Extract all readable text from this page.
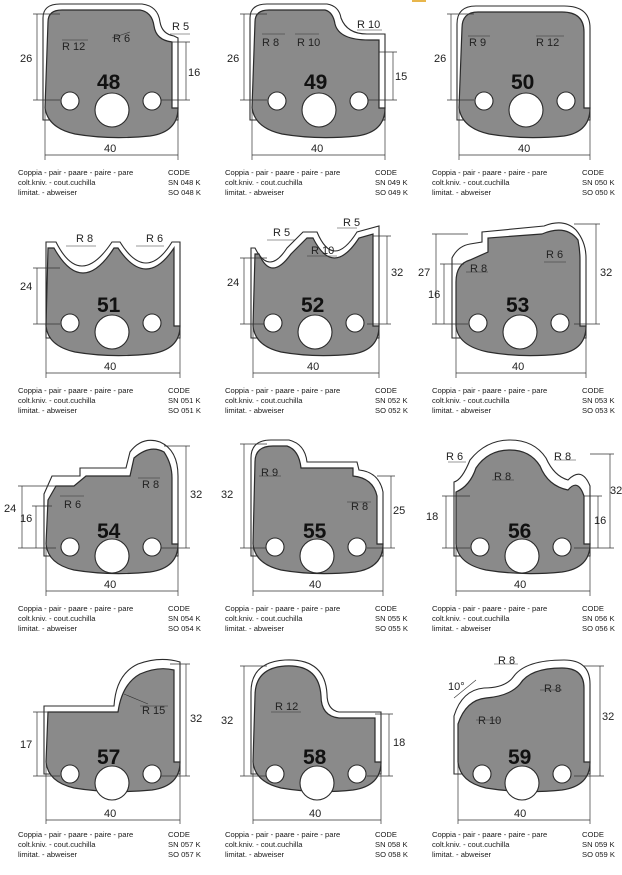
48
40
26
16
R 12
R 6
R 5
Coppia - pair - paare - paire - pare
colt.kniv. - cout.cuchilla
limitat. - abweiser
CODE
SN 048 K
SO 048 K
49
40
26
15
R 8 R 10
R 10
Coppia - pair - paare - paire - pare
colt.kniv. - cout.cuchilla
limitat. - abweiser
CODE
SN 049 K
SO 049 K
50
40
26
R 9	R 12
Coppia - pair - paare - paire - pare
colt.kniv. - cout.cuchilla
limitat. - abweiser
CODE
SN 050 K
SO 050 K
51
40
24
R 8	R 6
Coppia - pair - paare - paire - pare
colt.kniv. - cout.cuchilla
limitat. - abweiser
CODE
SN 051 K
SO 051 K
52
40
24
32
R 5
R 5
R 10
Coppia - pair - paare - paire - pare
colt.kniv. - cout.cuchilla
limitat. - abweiser
CODE
SN 052 K
SO 052 K
53
40
27
16
32
R 8
R 6
Coppia - pair - paare - paire - pare
colt.kniv. - cout.cuchilla
limitat. - abweiser
CODE
SN 053 K
SO 053 K
54
40
24
16
32
R 6
R 8
Coppia - pair - paare - paire - pare
colt.kniv. - cout.cuchilla
limitat. - abweiser
CODE
SN 054 K
SO 054 K
55
40
32
25
R 9
R 8
Coppia - pair - paare - paire - pare
colt.kniv. - cout.cuchilla
limitat. - abweiser
CODE
SN 055 K
SO 055 K
56
40
18
32
16
R 6
R 8
R 8
Coppia - pair - paare - paire - pare
colt.kniv. - cout.cuchilla
limitat. - abweiser
CODE
SN 056 K
SO 056 K
57
40
17
32
R 15
Coppia - pair - paare - paire - pare
colt.kniv. - cout.cuchilla
limitat. - abweiser
CODE
SN 057 K
SO 057 K
58
40
32
18
R 12
Coppia - pair - paare - paire - pare
colt.kniv. - cout.cuchilla
limitat. - abweiser
CODE
SN 058 K
SO 058 K
59
40
32
10°
R 8
R 8
R 10
Coppia - pair - paare - paire - pare
colt.kniv. - cout.cuchilla
limitat. - abweiser
CODE
SN 059 K
SO 059 K
